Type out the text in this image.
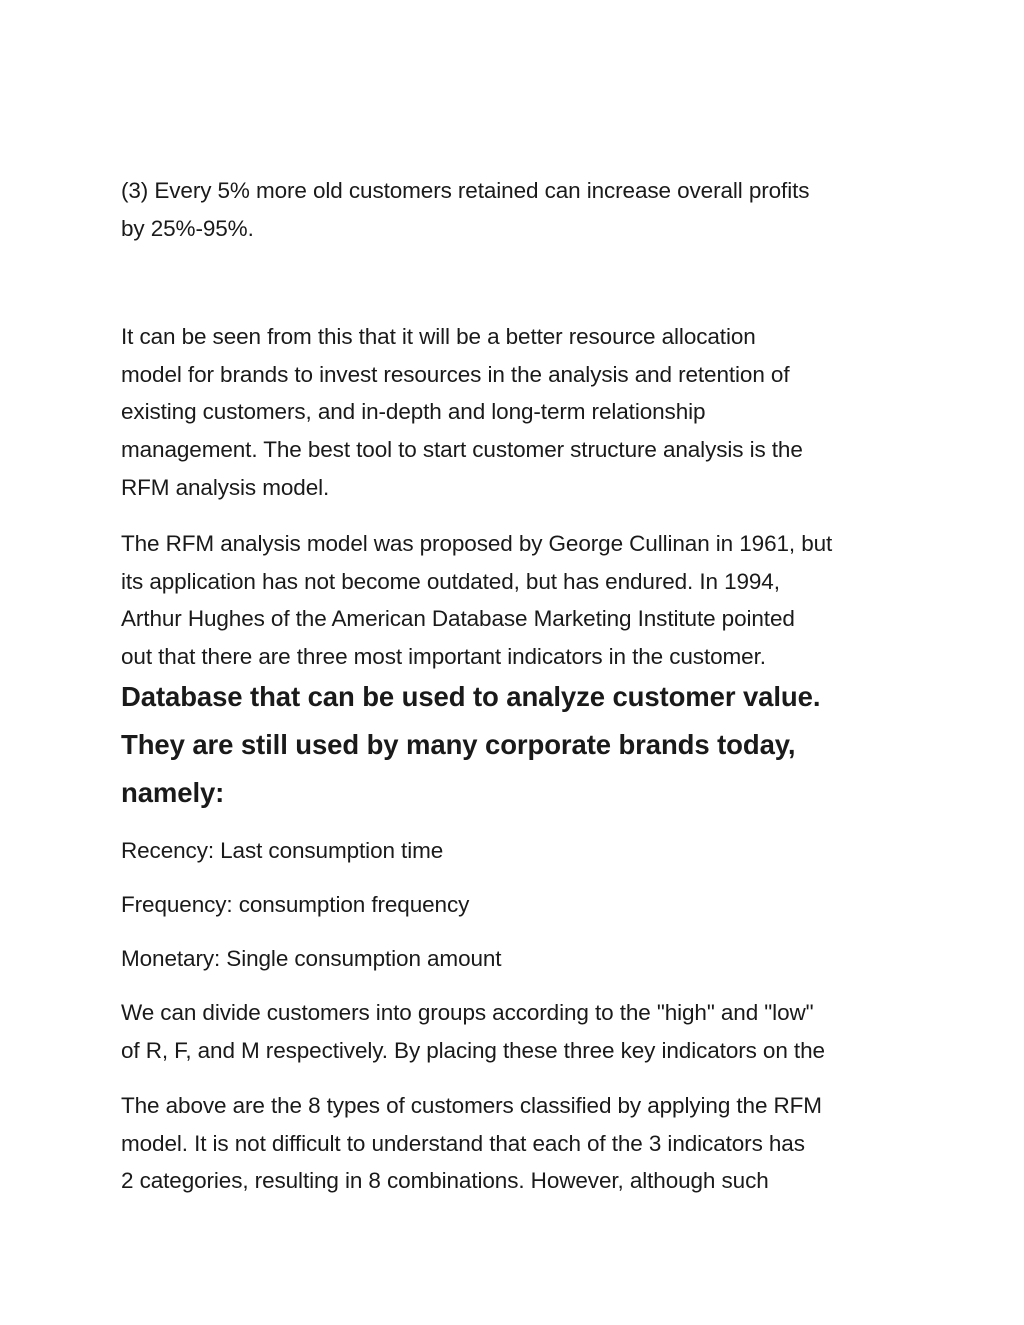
(3) Every 5% more old customers retained can increase overall profits
by 25%-95%.

It can be seen from this that it will be a better resource allocation
model for brands to invest resources in the analysis and retention of
existing customers, and in-depth and long-term relationship
management. The best tool to start customer structure analysis is the
RFM analysis model.

The RFM analysis model was proposed by George Cullinan in 1961, but
its application has not become outdated, but has endured. In 1994,
Arthur Hughes of the American Database Marketing Institute pointed
out that there are three most important indicators in the customer.

Database that can be used to analyze customer value.
They are still used by many corporate brands today,
namely:

Recency: Last consumption time

Frequency: consumption frequency

Monetary: Single consumption amount

We can divide customers into groups according to the "high" and "low"
of R, F, and M respectively. By placing these three key indicators on the

The above are the 8 types of customers classified by applying the RFM
model. It is not difficult to understand that each of the 3 indicators has
2 categories, resulting in 8 combinations. However, although such
